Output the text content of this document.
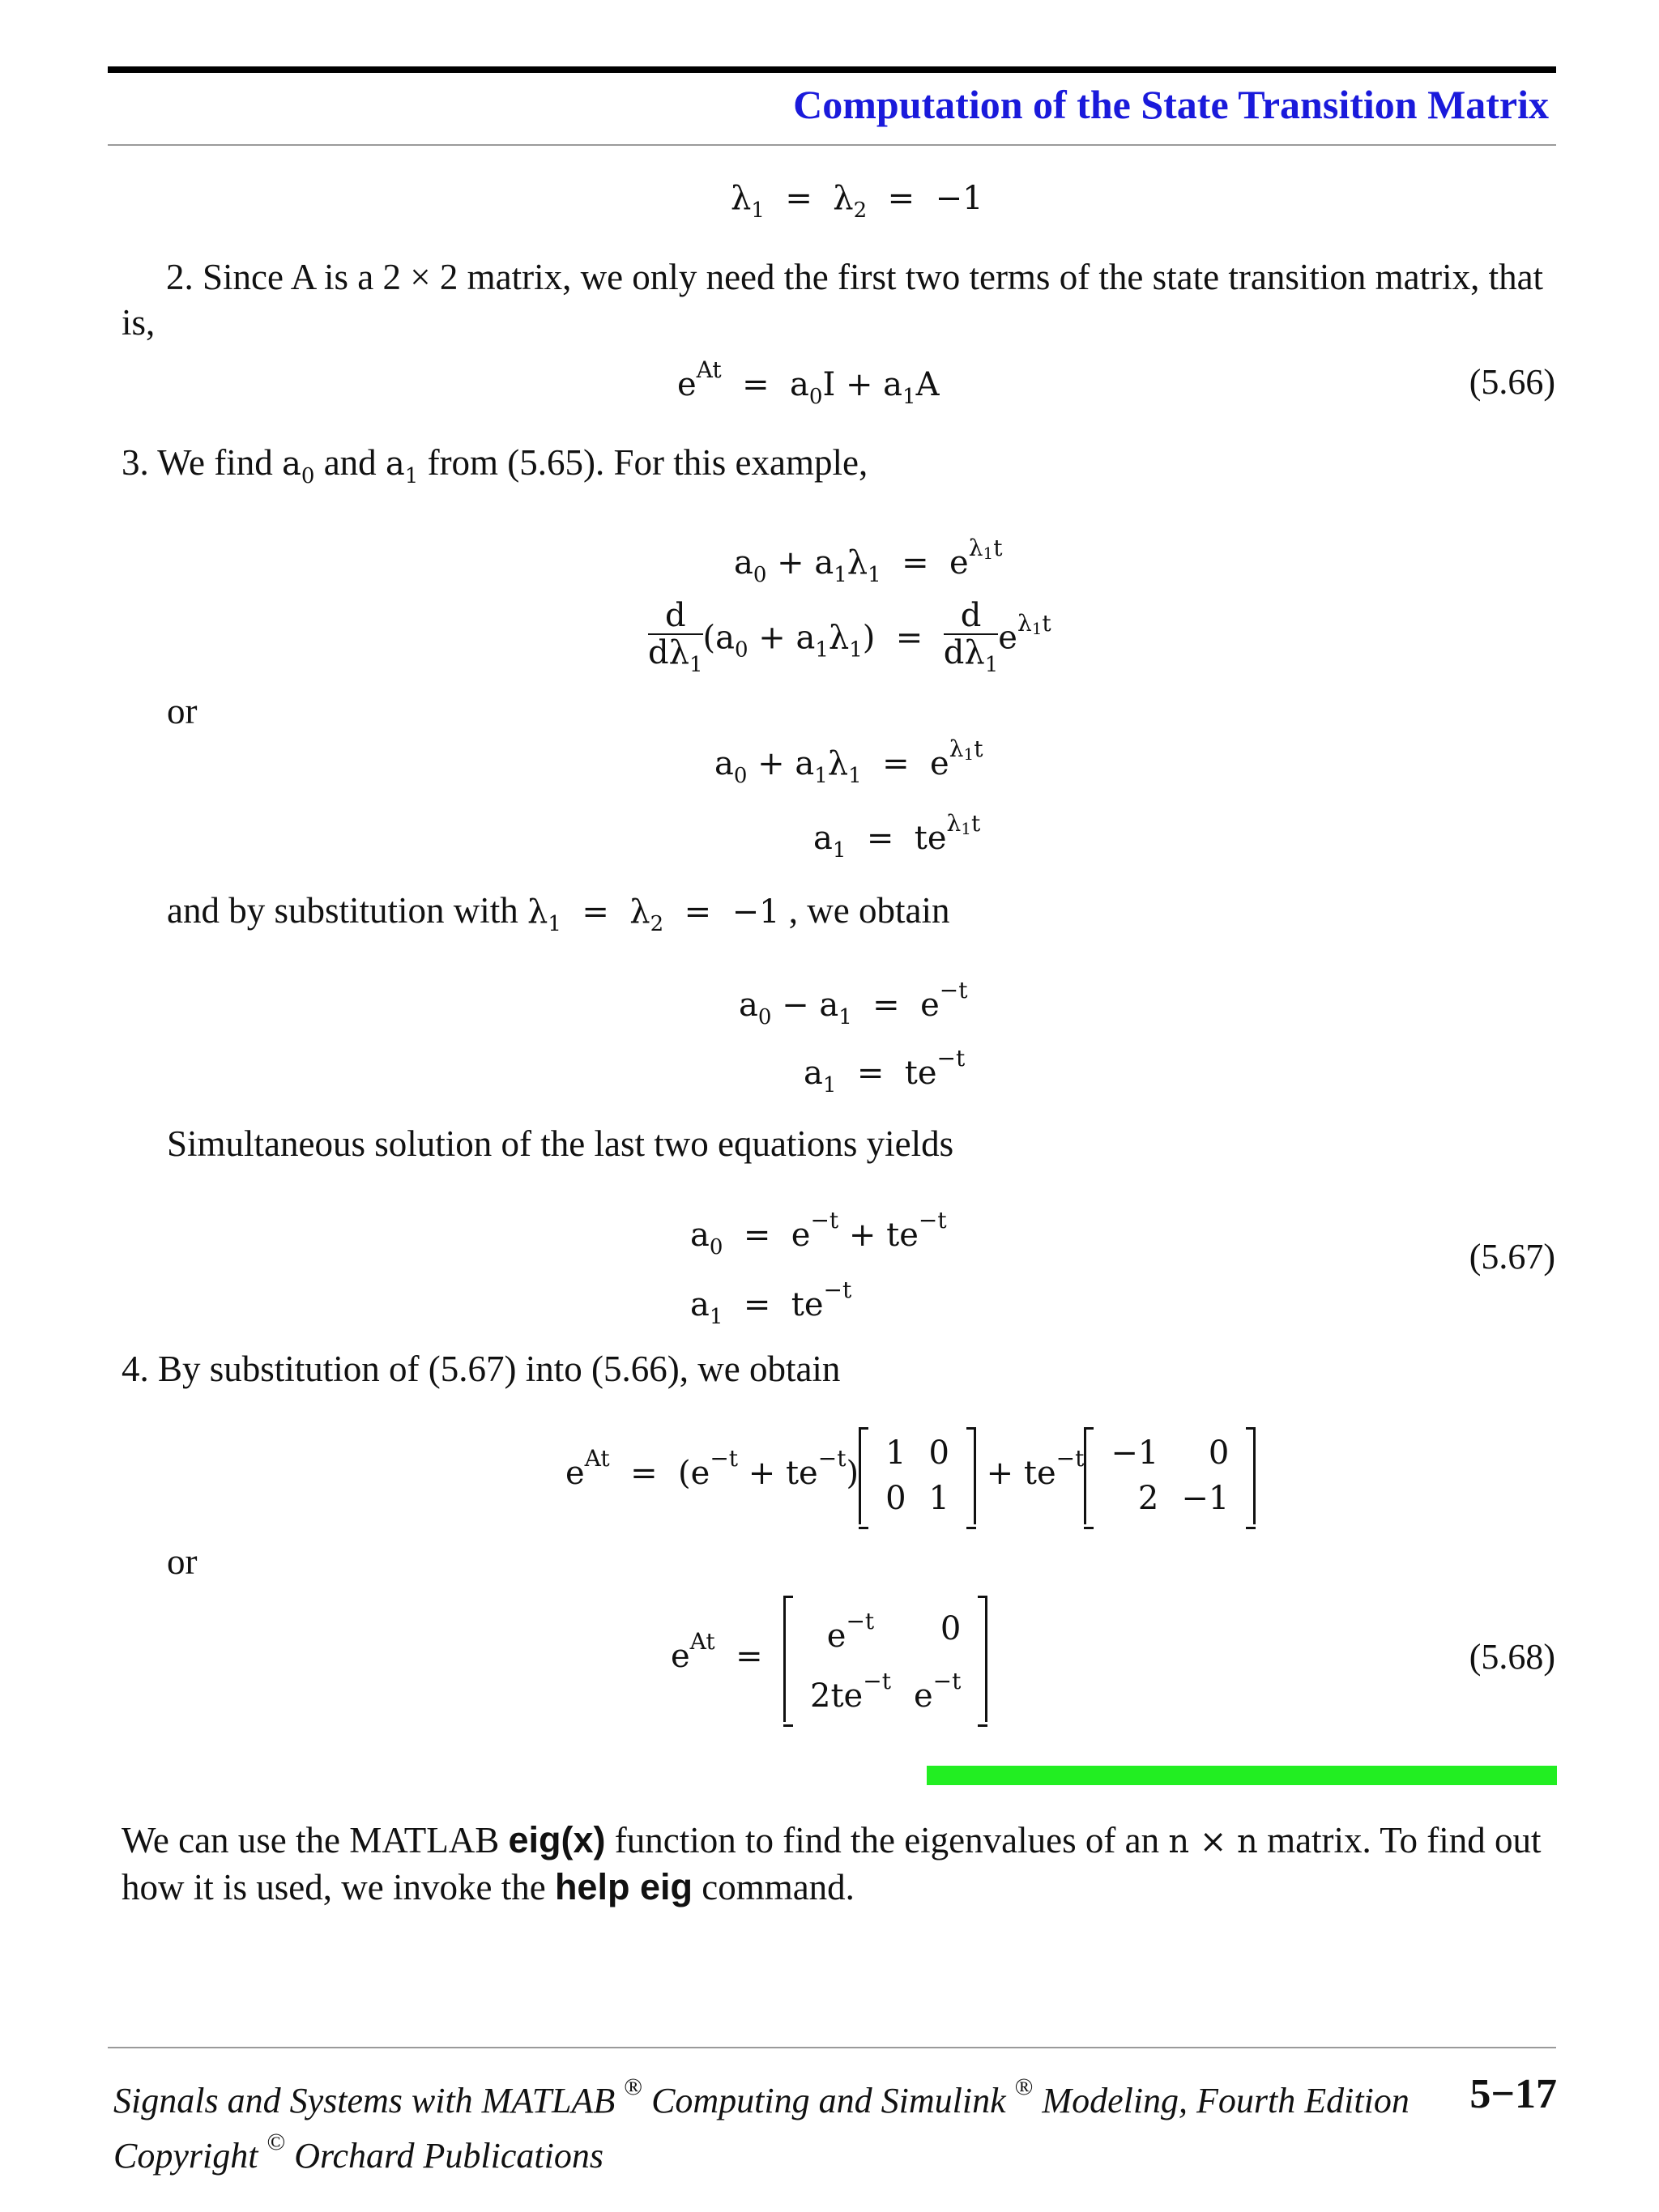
Computation of the State Transition Matrix
$\lambda_1 = \lambda_2 = -1$
2. Since A is a 2 × 2 matrix, we only need the first two terms of the state transition matrix, that is,
$e^{At} = a_0I + a_1A$	(5.66)
3. We find $a_0$ and $a_1$ from (5.65). For this example,
$a_0 + a_1\lambda_1 = e^{\lambda_1t}$
$\frac{d}{d\lambda_1} (a_0 + a_1\lambda_1) = \frac{d}{d\lambda_1} e^{\lambda_1t}$
or
$a_0 + a_1\lambda_1 = e^{\lambda_1t}$
$a_1 = te^{\lambda_1t}$
and by substitution with $\lambda_1 = \lambda_2 = -1$ , we obtain
$a_0 - a_1 = e^{-t}$
$a_1 = te^{-t}$
Simultaneous solution of the last two equations yields
$a_0 = e^{-t} + te^{-t}$
$a_1 = te^{-t}$
(5.67)
4. By substitution of (5.67) into (5.66), we obtain
$e^{At} = (e^{-t} + te^{-t})$
1	0
0	1
+ $te^{-t} -1$	0
2	−1
or
$e^{At}$  =
$e^{-t}$	0
$2te^{-t}$	$e^{-t}$
(5.68)
We can use the MATLAB eig(x) function to find the eigenvalues of an n × n matrix. To find out how it is used, we invoke the help eig command.
Signals and Systems with MATLAB ® Computing and Simulink ® Modeling, Fourth Edition
Copyright © Orchard Publications
5−17
